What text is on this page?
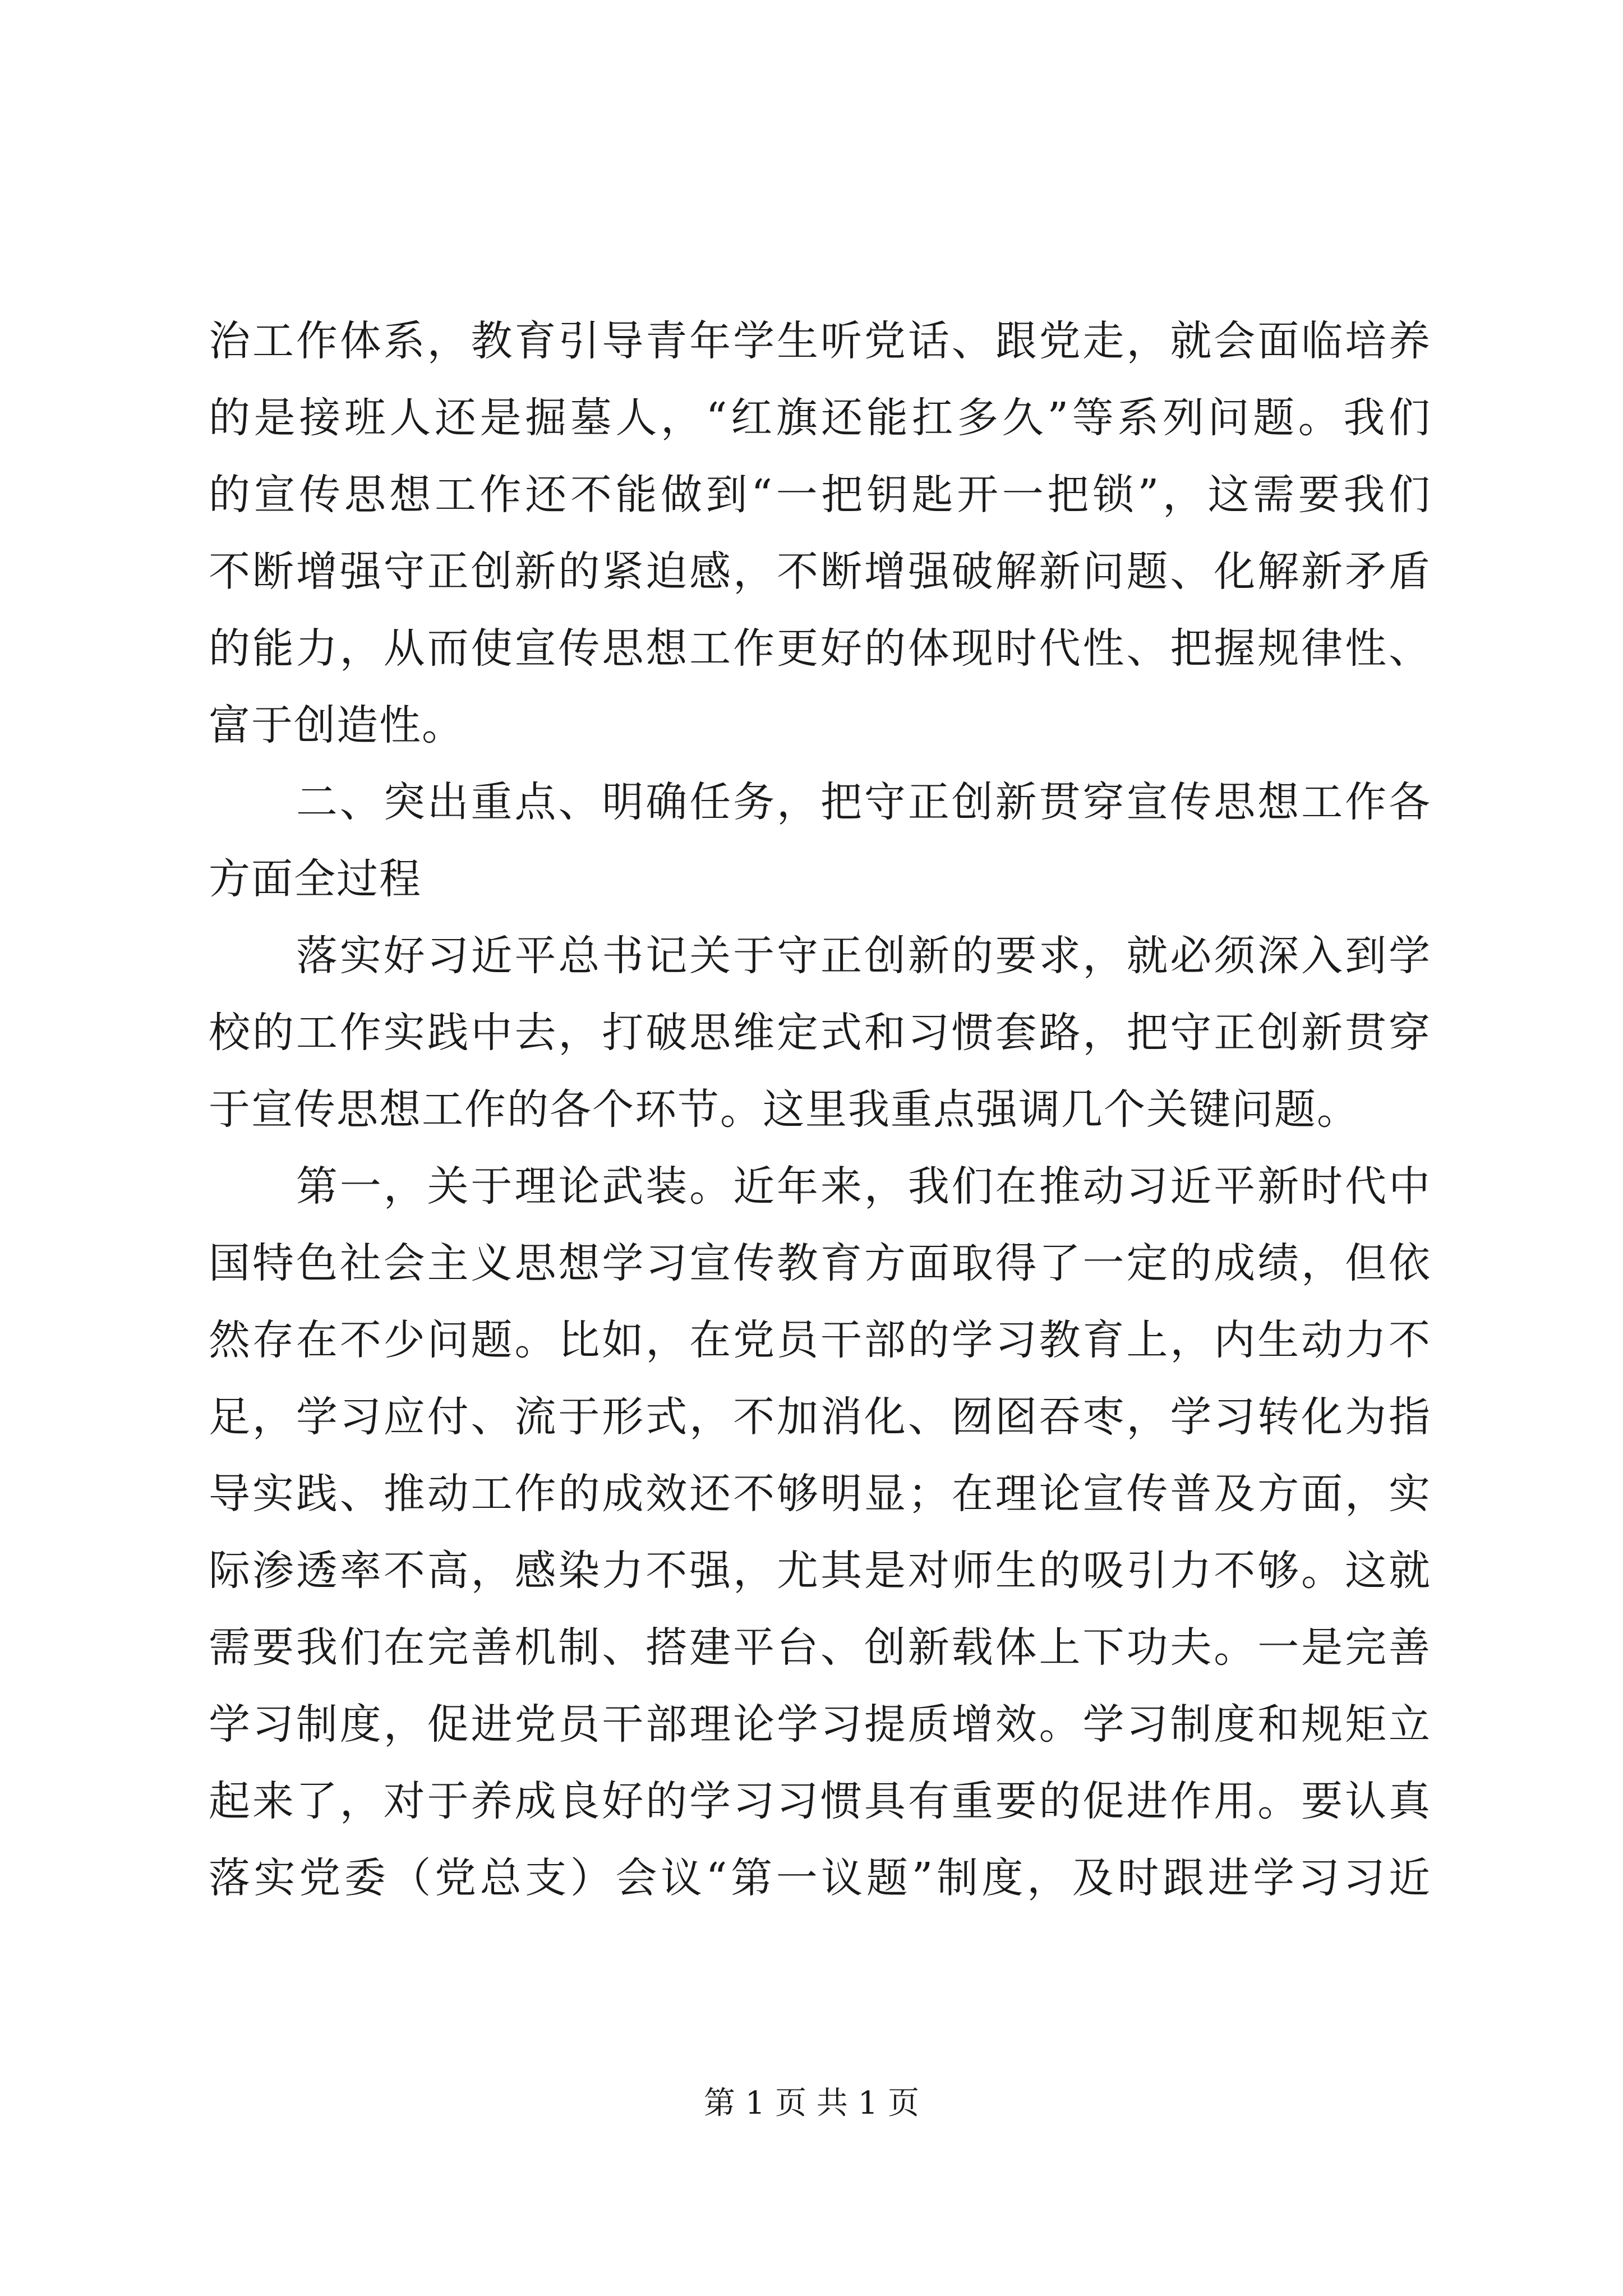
治工作体系，教育引导青年学生听党话、跟党走，就会面临培养
的是接班人还是掘墓人，“红旗还能扛多久”等系列问题。我们
的宣传思想工作还不能做到“一把钥匙开一把锁”，这需要我们
不断增强守正创新的紧迫感，不断增强破解新问题、化解新矛盾
的能力，从而使宣传思想工作更好的体现时代性、把握规律性、
富于创造性。
　　二、突出重点、明确任务，把守正创新贯穿宣传思想工作各
方面全过程
　　落实好习近平总书记关于守正创新的要求，就必须深入到学
校的工作实践中去，打破思维定式和习惯套路，把守正创新贯穿
于宣传思想工作的各个环节。这里我重点强调几个关键问题。
　　第一，关于理论武装。近年来，我们在推动习近平新时代中
国特色社会主义思想学习宣传教育方面取得了一定的成绩，但依
然存在不少问题。比如，在党员干部的学习教育上，内生动力不
足，学习应付、流于形式，不加消化、囫囵吞枣，学习转化为指
导实践、推动工作的成效还不够明显；在理论宣传普及方面，实
际渗透率不高，感染力不强，尤其是对师生的吸引力不够。这就
需要我们在完善机制、搭建平台、创新载体上下功夫。一是完善
学习制度，促进党员干部理论学习提质增效。学习制度和规矩立
起来了，对于养成良好的学习习惯具有重要的促进作用。要认真
落实党委（党总支）会议“第一议题”制度，及时跟进学习习近
第 1 页 共 1 页
